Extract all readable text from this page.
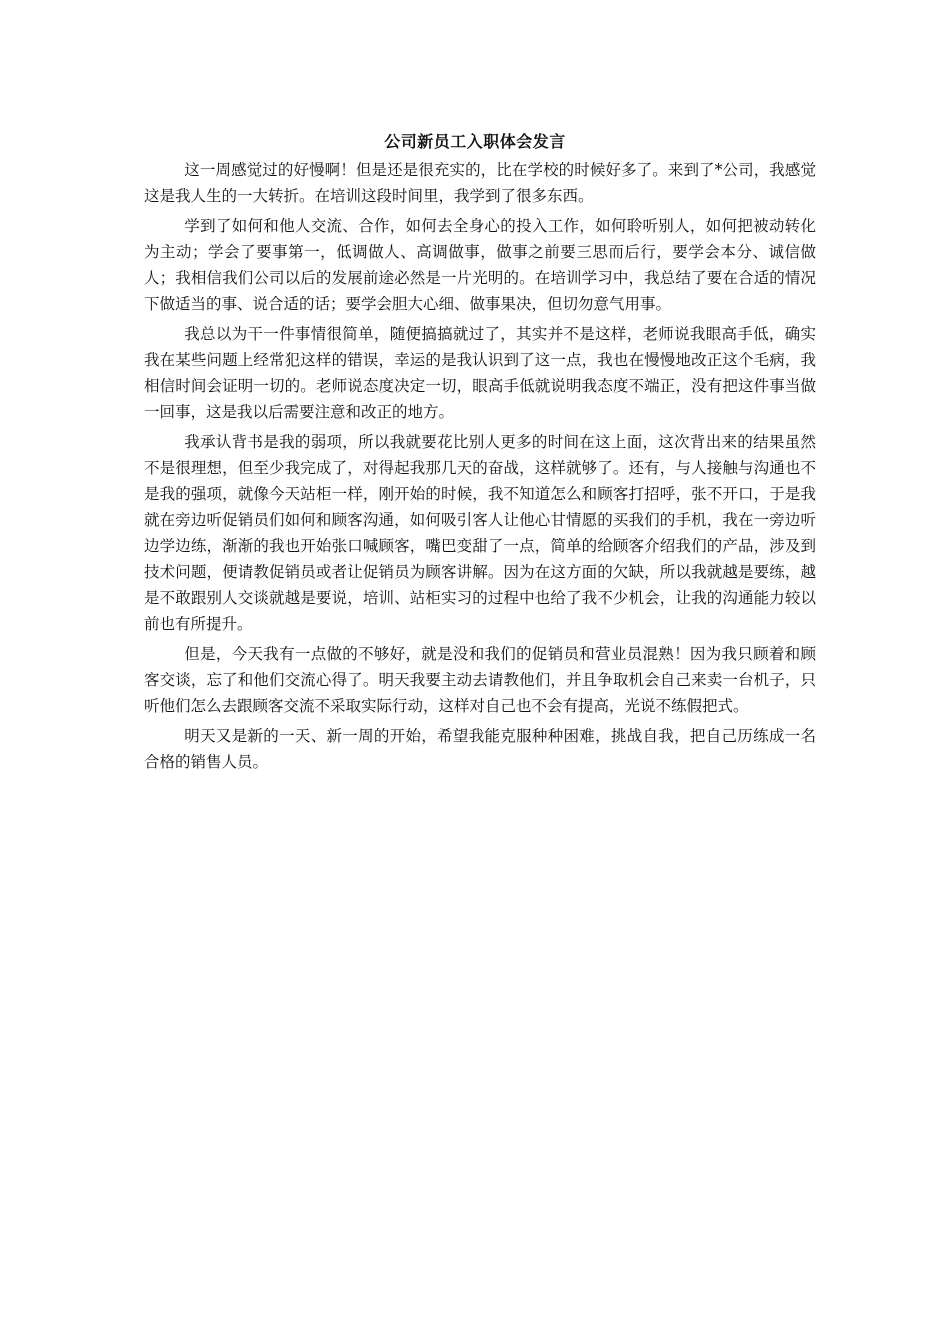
公司新员工入职体会发言

这一周感觉过的好慢啊！但是还是很充实的，比在学校的时候好多了。来到了*公司，我感觉这是我人生的一大转折。在培训这段时间里，我学到了很多东西。

学到了如何和他人交流、合作，如何去全身心的投入工作，如何聆听别人，如何把被动转化为主动；学会了要事第一，低调做人、高调做事，做事之前要三思而后行，要学会本分、诚信做人；我相信我们公司以后的发展前途必然是一片光明的。在培训学习中，我总结了要在合适的情况下做适当的事、说合适的话；要学会胆大心细、做事果决，但切勿意气用事。

我总以为干一件事情很简单，随便搞搞就过了，其实并不是这样，老师说我眼高手低，确实我在某些问题上经常犯这样的错误，幸运的是我认识到了这一点，我也在慢慢地改正这个毛病，我相信时间会证明一切的。老师说态度决定一切，眼高手低就说明我态度不端正，没有把这件事当做一回事，这是我以后需要注意和改正的地方。

我承认背书是我的弱项，所以我就要花比别人更多的时间在这上面，这次背出来的结果虽然不是很理想，但至少我完成了，对得起我那几天的奋战，这样就够了。还有，与人接触与沟通也不是我的强项，就像今天站柜一样，刚开始的时候，我不知道怎么和顾客打招呼，张不开口，于是我就在旁边听促销员们如何和顾客沟通，如何吸引客人让他心甘情愿的买我们的手机，我在一旁边听边学边练，渐渐的我也开始张口喊顾客，嘴巴变甜了一点，简单的给顾客介绍我们的产品，涉及到技术问题，便请教促销员或者让促销员为顾客讲解。因为在这方面的欠缺，所以我就越是要练，越是不敢跟别人交谈就越是要说，培训、站柜实习的过程中也给了我不少机会，让我的沟通能力较以前也有所提升。

但是，今天我有一点做的不够好，就是没和我们的促销员和营业员混熟！因为我只顾着和顾客交谈，忘了和他们交流心得了。明天我要主动去请教他们，并且争取机会自己来卖一台机子，只听他们怎么去跟顾客交流不采取实际行动，这样对自己也不会有提高，光说不练假把式。

明天又是新的一天、新一周的开始，希望我能克服种种困难，挑战自我，把自己历练成一名合格的销售人员。
